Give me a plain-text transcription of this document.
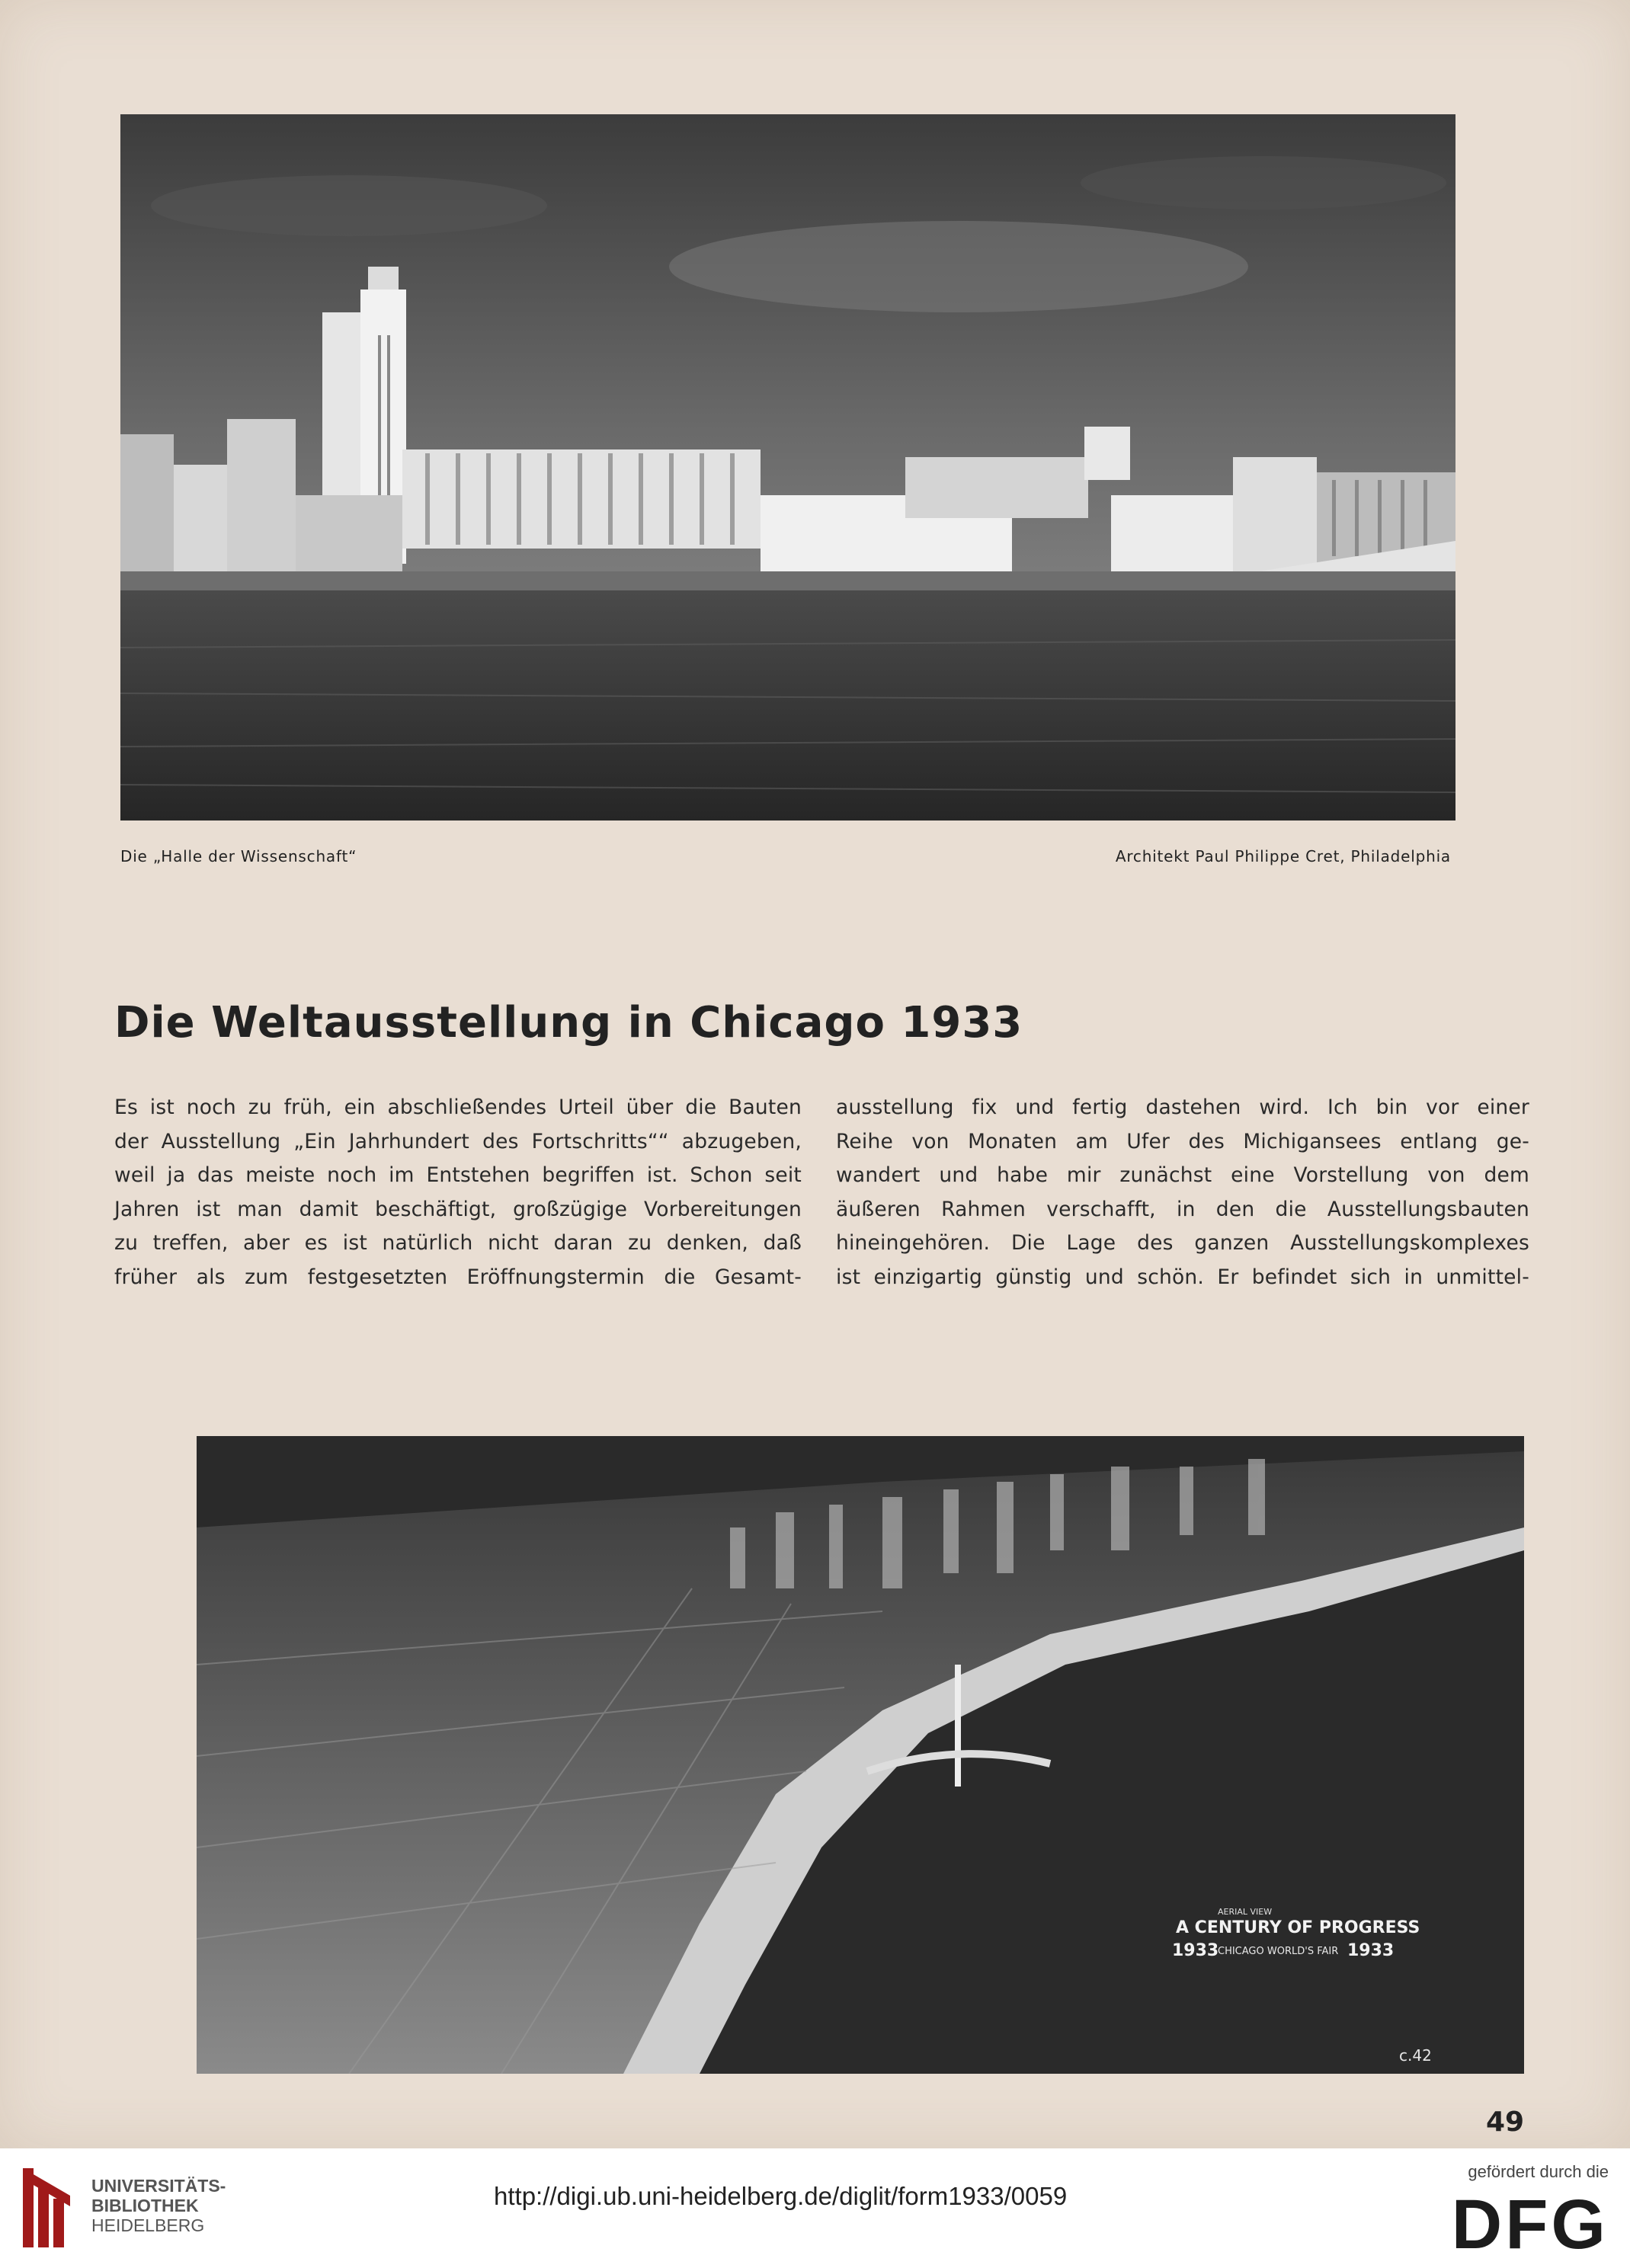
Die „Halle der Wissenschaft“	Architekt Paul Philippe Cret, Philadelphia
Die Weltausstellung in Chicago 1933
Es ist noch zu früh, ein abschließendes Urteil über die Bauten
der Ausstellung „Ein Jahrhundert des Fortschritts““ abzugeben,
weil ja das meiste noch im Entstehen begriffen ist. Schon seit
Jahren ist man damit beschäftigt, großzügige Vorbereitungen
zu treffen, aber es ist natürlich nicht daran zu denken, daß
früher als zum festgesetzten Eröffnungstermin die Gesamt-
ausstellung fix und fertig dastehen wird. Ich bin vor einer
Reihe von Monaten am Ufer des Michigansees entlang ge-
wandert und habe mir zunächst eine Vorstellung von dem
äußeren Rahmen verschafft, in den die Ausstellungsbauten
hineingehören. Die Lage des ganzen Ausstellungskomplexes
ist einzigartig günstig und schön. Er befindet sich in unmittel-
AERIAL VIEW
A CENTURY OF PROGRESS
1933
CHICAGO WORLD'S FAIR 1933
c.42
49
UNIVERSITÄTS-
BIBLIOTHEK
HEIDELBERG
http://digi.ub.uni-heidelberg.de/diglit/form1933/0059
gefördert durch die
DFG
